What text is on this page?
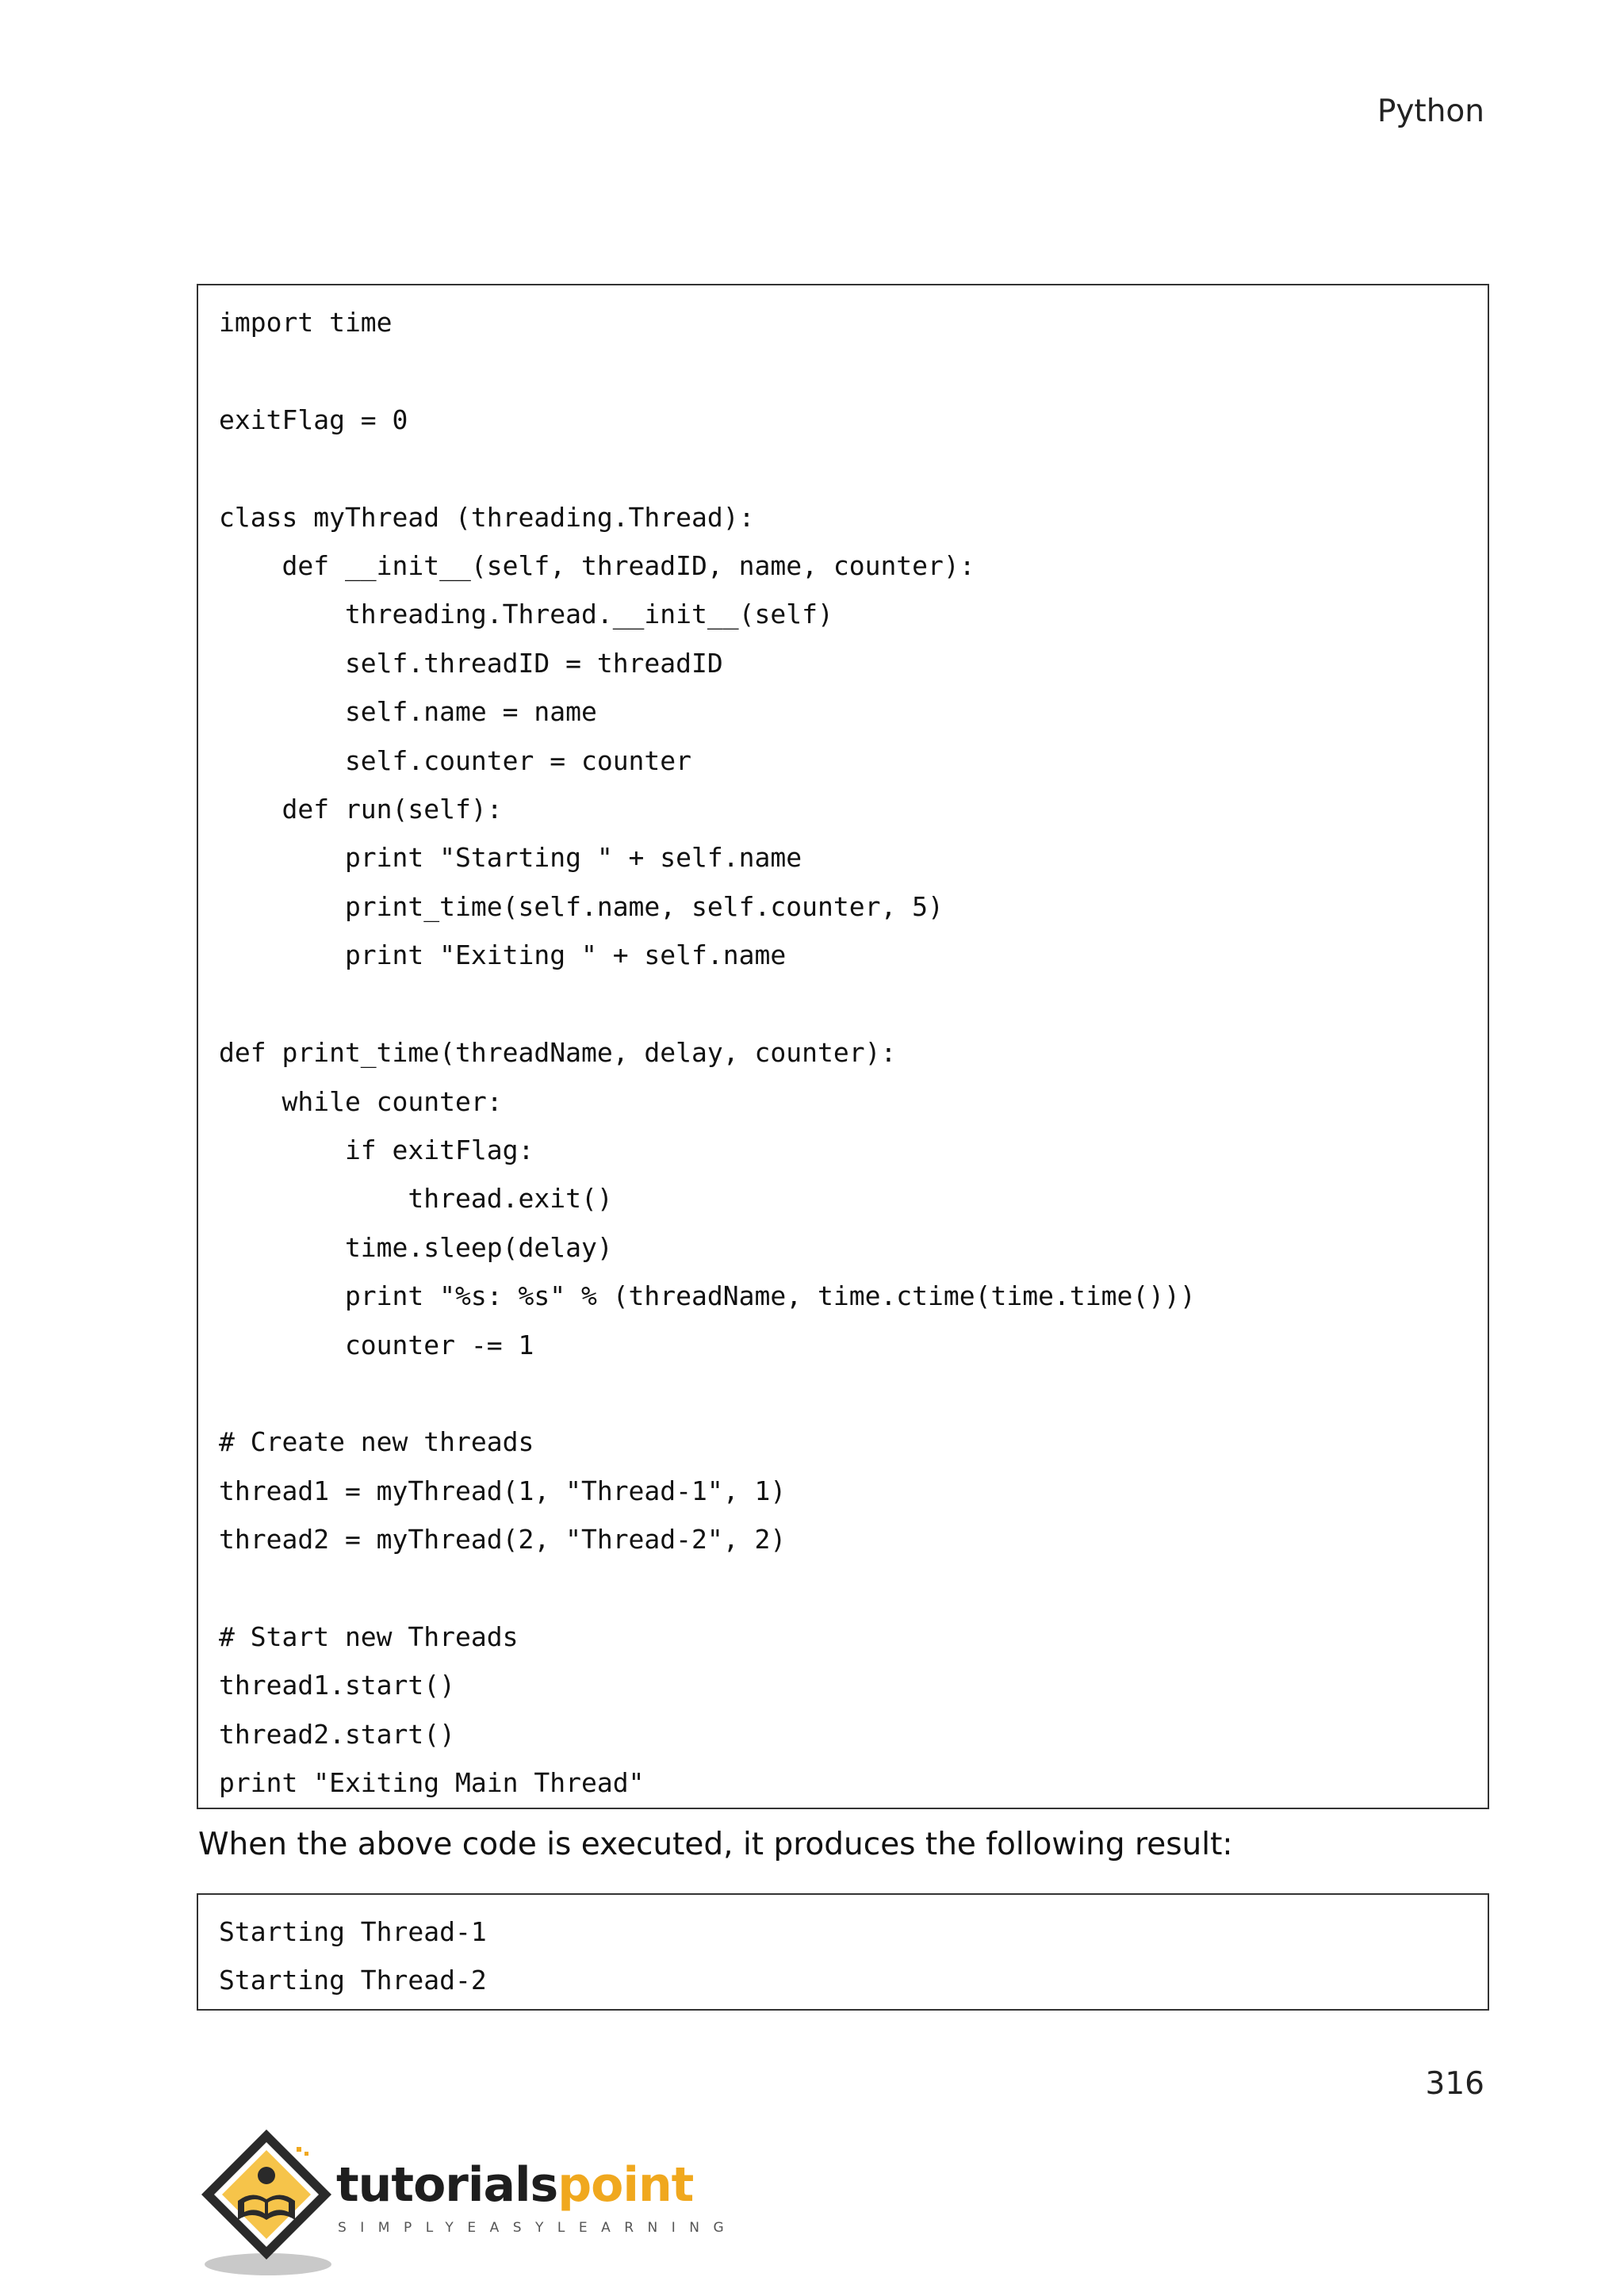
Python
import time

exitFlag = 0

class myThread (threading.Thread):
def __init__(self, threadID, name, counter):
threading.Thread.__init__(self)
self.threadID = threadID
self.name = name
self.counter = counter
def run(self):
print "Starting " + self.name
print_time(self.name, self.counter, 5)
print "Exiting " + self.name

def print_time(threadName, delay, counter):
while counter:
if exitFlag:
thread.exit()
time.sleep(delay)
print "%s: %s" % (threadName, time.ctime(time.time()))
counter -= 1

# Create new threads
thread1 = myThread(1, "Thread-1", 1)
thread2 = myThread(2, "Thread-2", 2)

# Start new Threads
thread1.start()
thread2.start()
print "Exiting Main Thread"
When the above code is executed, it produces the following result:
Starting Thread-1
Starting Thread-2
316
tutorialspoint
SIMPLYEASYLEARNING
